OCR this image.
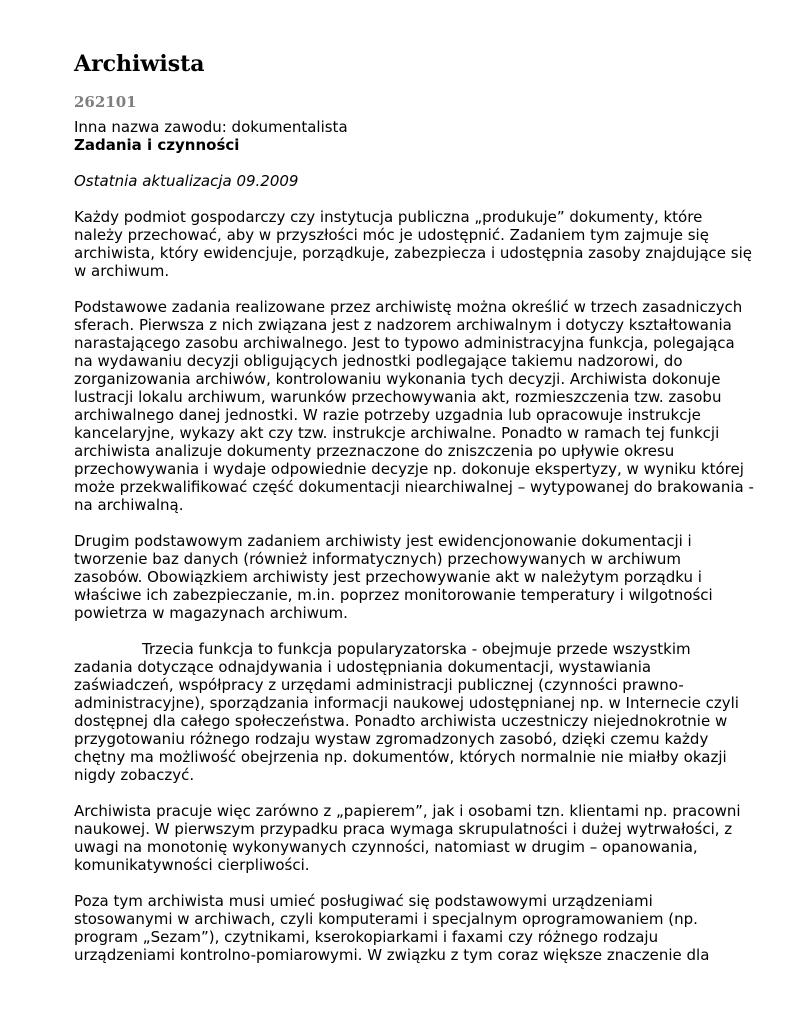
Archiwista
262101
Inna nazwa zawodu: dokumentalista
Zadania i czynności
Ostatnia aktualizacja 09.2009

Każdy podmiot gospodarczy czy instytucja publiczna „produkuje” dokumenty, które należy przechować, aby w przyszłości móc je udostępnić. Zadaniem tym zajmuje się archiwista, który ewidencjuje, porządkuje, zabezpiecza i udostępnia zasoby znajdujące się w archiwum.

Podstawowe zadania realizowane przez archiwistę można określić w trzech zasadniczych sferach. Pierwsza z nich związana jest z nadzorem archiwalnym i dotyczy kształtowania narastającego zasobu archiwalnego. Jest to typowo administracyjna funkcja, polegająca na wydawaniu decyzji obligujących jednostki podlegające takiemu nadzorowi, do zorganizowania archiwów, kontrolowaniu wykonania tych decyzji. Archiwista dokonuje lustracji lokalu archiwum, warunków przechowywania akt, rozmieszczenia tzw. zasobu archiwalnego danej jednostki. W razie potrzeby uzgadnia lub opracowuje instrukcje kancelaryjne, wykazy akt czy tzw. instrukcje archiwalne. Ponadto w ramach tej funkcji archiwista analizuje dokumenty przeznaczone do zniszczenia po upływie okresu przechowywania i wydaje odpowiednie decyzje np. dokonuje ekspertyzy, w wyniku której może przekwalifikować część dokumentacji niearchiwalnej – wytypowanej do brakowania - na archiwalną.

Drugim podstawowym zadaniem archiwisty jest ewidencjonowanie dokumentacji i tworzenie baz danych (również informatycznych) przechowywanych w archiwum zasobów. Obowiązkiem archiwisty jest przechowywanie akt w należytym porządku i właściwe ich zabezpieczanie, m.in. poprzez monitorowanie temperatury i wilgotności powietrza w magazynach archiwum.

Trzecia funkcja to funkcja popularyzatorska - obejmuje przede wszystkim zadania dotyczące odnajdywania i udostępniania dokumentacji, wystawiania zaświadczeń, współpracy z urzędami administracji publicznej (czynności prawno-administracyjne), sporządzania informacji naukowej udostępnianej np. w Internecie czyli dostępnej dla całego społeczeństwa. Ponadto archiwista uczestniczy niejednokrotnie w przygotowaniu różnego rodzaju wystaw zgromadzonych zasobó, dzięki czemu każdy chętny ma możliwość obejrzenia np. dokumentów, których normalnie nie miałby okazji nigdy zobaczyć.

Archiwista pracuje więc zarówno z „papierem”, jak i osobami tzn. klientami np. pracowni naukowej. W pierwszym przypadku praca wymaga skrupulatności i dużej wytrwałości, z uwagi na monotonię wykonywanych czynności, natomiast w drugim – opanowania, komunikatywności cierpliwości.

Poza tym archiwista musi umieć posługiwać się podstawowymi urządzeniami stosowanymi w archiwach, czyli komputerami i specjalnym oprogramowaniem (np. program „Sezam”), czytnikami, kserokopiarkami i faxami czy różnego rodzaju urządzeniami kontrolno-pomiarowymi. W związku z tym coraz większe znaczenie dla
